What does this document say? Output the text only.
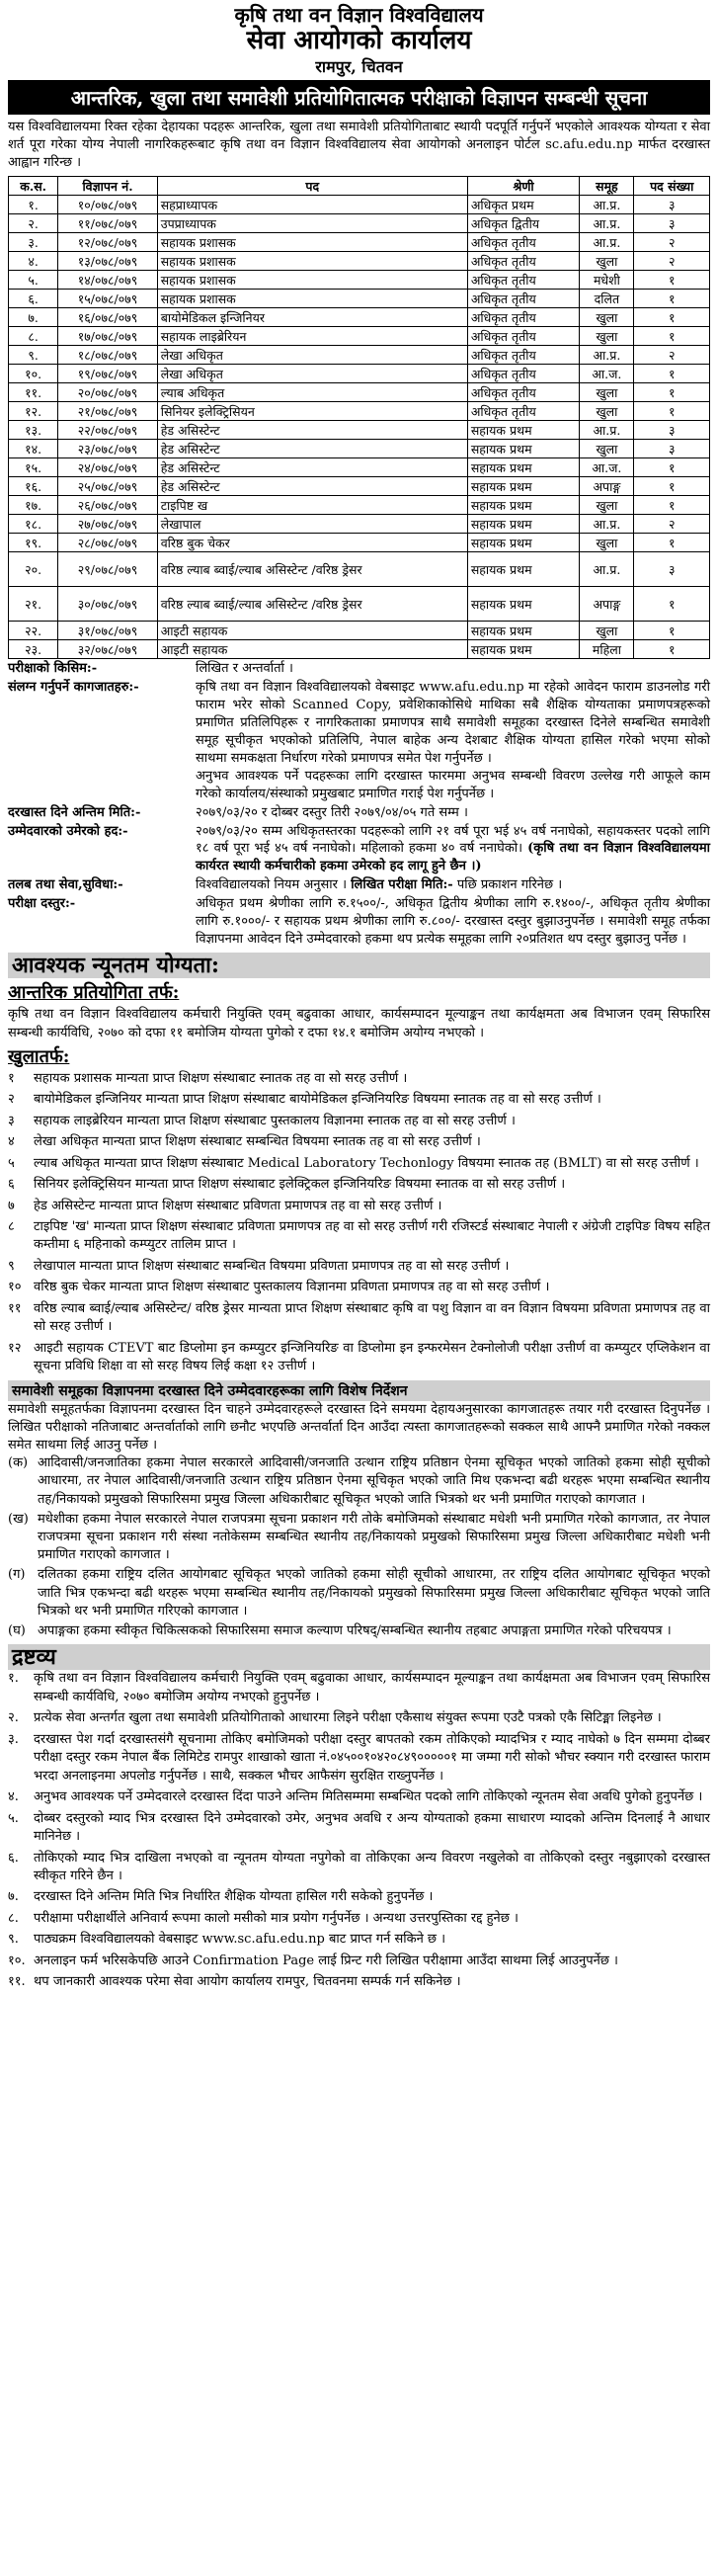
कृषि तथा वन विज्ञान विश्वविद्यालय
सेवा आयोगको कार्यालय
रामपुर, चितवन
आन्तरिक, खुला तथा समावेशी प्रतियोगितात्मक परीक्षाको विज्ञापन सम्बन्धी सूचना
यस विश्वविद्यालयमा रिक्त रहेका देहायका पदहरू आन्तरिक, खुला तथा समावेशी प्रतियोगिताबाट स्थायी पदपूर्ति गर्नुपर्ने भएकोले आवश्यक योग्यता र सेवा शर्त पूरा गरेका योग्य नेपाली नागरिकहरूबाट कृषि तथा वन विज्ञान विश्वविद्यालय सेवा आयोगको अनलाइन पोर्टल sc.afu.edu.np मार्फत दरखास्त आह्वान गरिन्छ ।
क.स.	विज्ञापन नं.	पद	श्रेणी	समूह	पद संख्या
१.	१०/०७८/०७९	सहप्राध्यापक	अधिकृत प्रथम	आ.प्र.	३
२.	११/०७८/०७९	उपप्राध्यापक	अधिकृत द्वितीय	आ.प्र.	३
३.	१२/०७८/०७९	सहायक प्रशासक	अधिकृत तृतीय	आ.प्र.	२
४.	१३/०७८/०७९	सहायक प्रशासक	अधिकृत तृतीय	खुला	२
५.	१४/०७८/०७९	सहायक प्रशासक	अधिकृत तृतीय	मधेशी	१
६.	१५/०७८/०७९	सहायक प्रशासक	अधिकृत तृतीय	दलित	१
७.	१६/०७८/०७९	बायोमेडिकल इन्जिनियर	अधिकृत तृतीय	खुला	१
८.	१७/०७८/०७९	सहायक लाइब्रेरियन	अधिकृत तृतीय	खुला	१
९.	१८/०७८/०७९	लेखा अधिकृत	अधिकृत तृतीय	आ.प्र.	२
१०.	१९/०७८/०७९	लेखा अधिकृत	अधिकृत तृतीय	आ.ज.	१
११.	२०/०७८/०७९	ल्याब अधिकृत	अधिकृत तृतीय	खुला	१
१२.	२१/०७८/०७९	सिनियर इलेक्ट्रिसियन	अधिकृत तृतीय	खुला	१
१३.	२२/०७८/०७९	हेड असिस्टेन्ट	सहायक प्रथम	आ.प्र.	३
१४.	२३/०७८/०७९	हेड असिस्टेन्ट	सहायक प्रथम	खुला	३
१५.	२४/०७८/०७९	हेड असिस्टेन्ट	सहायक प्रथम	आ.ज.	१
१६.	२५/०७८/०७९	हेड असिस्टेन्ट	सहायक प्रथम	अपाङ्ग	१
१७.	२६/०७८/०७९	टाइपिष्ट ख	सहायक प्रथम	खुला	१
१८.	२७/०७८/०७९	लेखापाल	सहायक प्रथम	आ.प्र.	२
१९.	२८/०७८/०७९	वरिष्ठ बुक चेकर	सहायक प्रथम	खुला	१
२०.	२९/०७८/०७९	वरिष्ठ ल्याब ब्वाई/ल्याब असिस्टेन्ट /वरिष्ठ ड्रेसर	सहायक प्रथम	आ.प्र.	३
२१.	३०/०७८/०७९	वरिष्ठ ल्याब ब्वाई/ल्याब असिस्टेन्ट /वरिष्ठ ड्रेसर	सहायक प्रथम	अपाङ्ग	१
२२.	३१/०७८/०७९	आइटी सहायक	सहायक प्रथम	खुला	१
२३.	३२/०७८/०७९	आइटी सहायक	सहायक प्रथम	महिला	१
परीक्षाको किसिम:-	लिखित र अन्तर्वार्ता ।
संलग्न गर्नुपर्ने कागजातहरु:-	कृषि तथा वन विज्ञान विश्वविद्यालयको वेबसाइट www.afu.edu.np मा रहेको आवेदन फाराम डाउनलोड गरी फाराम भरेर सोको Scanned Copy, प्रवेशिकाकोसिधे माथिका सबै शैक्षिक योग्यताका प्रमाणपत्रहरूको प्रमाणित प्रतिलिपिहरू र नागरिकताका प्रमाणपत्र साथै समावेशी समूहका दरखास्त दिनेले सम्बन्धित समावेशी समूह सूचीकृत भएकोको प्रतिलिपि, नेपाल बाहेक अन्य देशबाट शैक्षिक योग्यता हासिल गरेको भएमा सोको साथमा समकक्षता निर्धारण गरेको प्रमाणपत्र समेत पेश गर्नुपर्नेछ ।
अनुभव आवश्यक पर्ने पदहरूका लागि दरखास्त फारममा अनुभव सम्बन्धी विवरण उल्लेख गरी आफूले काम गरेको कार्यालय/संस्थाको प्रमुखबाट प्रमाणित गराई पेश गर्नुपर्नेछ ।
दरखास्त दिने अन्तिम मिति:-	२०७९/०३/२० र दोब्बर दस्तुर तिरी २०७९/०४/०५ गते सम्म ।
उम्मेदवारको उमेरको हद:-	२०७९/०३/२० सम्म अधिकृतस्तरका पदहरूको लागि २१ वर्ष पूरा भई ४५ वर्ष ननाघेको, सहायकस्तर पदको लागि १८ वर्ष पूरा भई ४५ वर्ष ननाघेको। महिलाको हकमा ४० वर्ष ननाघेको। (कृषि तथा वन विज्ञान विश्वविद्यालयमा कार्यरत स्थायी कर्मचारीको हकमा उमेरको हद लागू हुने छैन ।)
तलब तथा सेवा,सुविधा:-	विश्वविद्यालयको नियम अनुसार । लिखित परीक्षा मिति:- पछि प्रकाशन गरिनेछ ।
परीक्षा दस्तुर:-	अधिकृत प्रथम श्रेणीका लागि रु.१५००/-, अधिकृत द्वितीय श्रेणीका लागि रु.१४००/-, अधिकृत तृतीय श्रेणीका लागि रु.१०००/- र सहायक प्रथम श्रेणीका लागि रु.८००/- दरखास्त दस्तुर बुझाउनुपर्नेछ । समावेशी समूह तर्फका विज्ञापनमा आवेदन दिने उम्मेदवारको हकमा थप प्रत्येक समूहका लागि २०प्रतिशत थप दस्तुर बुझाउनु पर्नेछ ।
आवश्यक न्यूनतम योग्यता:
आन्तरिक प्रतियोगिता तर्फ:
कृषि तथा वन विज्ञान विश्वविद्यालय कर्मचारी नियुक्ति एवम् बढुवाका आधार, कार्यसम्पादन मूल्याङ्कन तथा कार्यक्षमता अब विभाजन एवम् सिफारिस सम्बन्धी कार्यविधि, २०७० को दफा ११ बमोजिम योग्यता पुगेको र दफा १४.१ बमोजिम अयोग्य नभएको ।
खुलातर्फ:
१	सहायक प्रशासक मान्यता प्राप्त शिक्षण संस्थाबाट स्नातक तह वा सो सरह उत्तीर्ण ।
२	बायोमेडिकल इन्जिनियर मान्यता प्राप्त शिक्षण संस्थाबाट बायोमेडिकल इन्जिनियरिङ विषयमा स्नातक तह वा सो सरह उत्तीर्ण ।
३	सहायक लाइब्रेरियन मान्यता प्राप्त शिक्षण संस्थाबाट पुस्तकालय विज्ञानमा स्नातक तह वा सो सरह उत्तीर्ण ।
४	लेखा अधिकृत मान्यता प्राप्त शिक्षण संस्थाबाट सम्बन्धित विषयमा स्नातक तह वा सो सरह उत्तीर्ण ।
५	ल्याब अधिकृत मान्यता प्राप्त शिक्षण संस्थाबाट Medical Laboratory Techonlogy विषयमा स्नातक तह (BMLT) वा सो सरह उत्तीर्ण ।
६	सिनियर इलेक्ट्रिसियन मान्यता प्राप्त शिक्षण संस्थाबाट इलेक्ट्रिकल इन्जिनियरिङ विषयमा स्नातक वा सो सरह उत्तीर्ण ।
७	हेड असिस्टेन्ट मान्यता प्राप्त शिक्षण संस्थाबाट प्रविणता प्रमाणपत्र तह वा सो सरह उत्तीर्ण ।
८	टाइपिष्ट 'ख' मान्यता प्राप्त शिक्षण संस्थाबाट प्रविणता प्रमाणपत्र तह वा सो सरह उत्तीर्ण गरी रजिस्टर्ड संस्थाबाट नेपाली र अंग्रेजी टाइपिङ विषय सहित कम्तीमा ६ महिनाको कम्प्युटर तालिम प्राप्त ।
९	लेखापाल मान्यता प्राप्त शिक्षण संस्थाबाट सम्बन्धित विषयमा प्रविणता प्रमाणपत्र तह वा सो सरह उत्तीर्ण ।
१० वरिष्ठ बुक चेकर मान्यता प्राप्त शिक्षण संस्थाबाट पुस्तकालय विज्ञानमा प्रविणता प्रमाणपत्र तह वा सो सरह उत्तीर्ण ।
११ वरिष्ठ ल्याब ब्वाई/ल्याब असिस्टेन्ट/ वरिष्ठ ड्रेसर मान्यता प्राप्त शिक्षण संस्थाबाट कृषि वा पशु विज्ञान वा वन विज्ञान विषयमा प्रविणता प्रमाणपत्र तह वा सो सरह उत्तीर्ण ।
१२ आइटी सहायक CTEVT बाट डिप्लोमा इन कम्प्युटर इन्जिनियरिङ वा डिप्लोमा इन इन्फरमेसन टेक्नोलोजी परीक्षा उत्तीर्ण वा कम्प्युटर एप्लिकेशन वा सूचना प्रविधि शिक्षा वा सो सरह विषय लिई कक्षा १२ उत्तीर्ण ।
समावेशी समूहका विज्ञापनमा दरखास्त दिने उम्मेदवारहरूका लागि विशेष निर्देशन
समावेशी समूहतर्फका विज्ञापनमा दरखास्त दिन चाहने उम्मेदवारहरूले दरखास्त दिने समयमा देहायअनुसारका कागजातहरू तयार गरी दरखास्त दिनुपर्नेछ । लिखित परीक्षाको नतिजाबाट अन्तर्वार्ताको लागि छनौट भएपछि अन्तर्वार्ता दिन आउँदा त्यस्ता कागजातहरूको सक्कल साथै आफ्नै प्रमाणित गरेको नक्कल समेत साथमा लिई आउनु पर्नेछ ।
(क) आदिवासी/जनजातिका हकमा नेपाल सरकारले आदिवासी/जनजाति उत्थान राष्ट्रिय प्रतिष्ठान ऐनमा सूचिकृत भएको जातिको हकमा सोही सूचीको आधारमा, तर नेपाल आदिवासी/जनजाति उत्थान राष्ट्रिय प्रतिष्ठान ऐनमा सूचिकृत भएको जाति मिथ एकभन्दा बढी थरहरू भएमा सम्बन्धित स्थानीय तह/निकायको प्रमुखको सिफारिसमा प्रमुख जिल्ला अधिकारीबाट सूचिकृत भएको जाति भित्रको थर भनी प्रमाणित गराएको कागजात ।
(ख) मधेशीका हकमा नेपाल सरकारले नेपाल राजपत्रमा सूचना प्रकाशन गरी तोके बमोजिमको संस्थाबाट मधेशी भनी प्रमाणित गरेको कागजात, तर नेपाल राजपत्रमा सूचना प्रकाशन गरी संस्था नतोकेसम्म सम्बन्धित स्थानीय तह/निकायको प्रमुखको सिफारिसमा प्रमुख जिल्ला अधिकारीबाट मधेशी भनी प्रमाणित गराएको कागजात ।
(ग) दलितका हकमा राष्ट्रिय दलित आयोगबाट सूचिकृत भएको जातिको हकमा सोही सूचीको आधारमा, तर राष्ट्रिय दलित आयोगबाट सूचिकृत भएको जाति भित्र एकभन्दा बढी थरहरू भएमा सम्बन्धित स्थानीय तह/निकायको प्रमुखको सिफारिसमा प्रमुख जिल्ला अधिकारीबाट सूचिकृत भएको जाति भित्रको थर भनी प्रमाणित गरिएको कागजात ।
(घ) अपाङ्गका हकमा स्वीकृत चिकित्सकको सिफारिसमा समाज कल्याण परिषद्/सम्बन्धित स्थानीय तहबाट अपाङ्गता प्रमाणित गरेको परिचयपत्र ।
द्रष्टव्य
१.	कृषि तथा वन विज्ञान विश्वविद्यालय कर्मचारी नियुक्ति एवम् बढुवाका आधार, कार्यसम्पादन मूल्याङ्कन तथा कार्यक्षमता अब विभाजन एवम् सिफारिस सम्बन्धी कार्यविधि, २०७० बमोजिम अयोग्य नभएको हुनुपर्नेछ ।
२.	प्रत्येक सेवा अन्तर्गत खुला तथा समावेशी प्रतियोगिताको आधारमा लिइने परीक्षा एकैसाथ संयुक्त रूपमा एउटै पत्रको एकै सिटिङ्मा लिइनेछ ।
३.	दरखास्त पेश गर्दा दरखास्तसंगै सूचनामा तोकिए बमोजिमको परीक्षा दस्तुर बापतको रकम तोकिएको म्यादभित्र र म्याद नाघेको ७ दिन सम्ममा दोब्बर परीक्षा दस्तुर रकम नेपाल बैंक लिमिटेड रामपुर शाखाको खाता नं.०४५००१०४२०८४९०००००१ मा जम्मा गरी सोको भौचर स्क्यान गरी दरखास्त फाराम भरदा अनलाइनमा अपलोड गर्नुपर्नेछ । साथै, सक्कल भौचर आफैसंग सुरक्षित राख्नुपर्नेछ ।
४.	अनुभव आवश्यक पर्ने उम्मेदवारले दरखास्त दिंदा पाउने अन्तिम मितिसम्ममा सम्बन्धित पदको लागि तोकिएको न्यूनतम सेवा अवधि पुगेको हुनुपर्नेछ ।
५.	दोब्बर दस्तुरको म्याद भित्र दरखास्त दिने उम्मेदवारको उमेर, अनुभव अवधि र अन्य योग्यताको हकमा साधारण म्यादको अन्तिम दिनलाई नै आधार मानिनेछ ।
६.	तोकिएको म्याद भित्र दाखिला नभएको वा न्यूनतम योग्यता नपुगेको वा तोकिएका अन्य विवरण नखुलेको वा तोकिएको दस्तुर नबुझाएको दरखास्त स्वीकृत गरिने छैन ।
७.	दरखास्त दिने अन्तिम मिति भित्र निर्धारित शैक्षिक योग्यता हासिल गरी सकेको हुनुपर्नेछ ।
८.	परीक्षामा परीक्षार्थीले अनिवार्य रूपमा कालो मसीको मात्र प्रयोग गर्नुपर्नेछ । अन्यथा उत्तरपुस्तिका रद्द हुनेछ ।
९.	पाठ्यक्रम विश्वविद्यालयको वेबसाइट www.sc.afu.edu.np बाट प्राप्त गर्न सकिने छ ।
१०. अनलाइन फर्म भरिसकेपछि आउने Confirmation Page लाई प्रिन्ट गरी लिखित परीक्षामा आउँदा साथमा लिई आउनुपर्नेछ ।
११. थप जानकारी आवश्यक परेमा सेवा आयोग कार्यालय रामपुर, चितवनमा सम्पर्क गर्न सकिनेछ ।
